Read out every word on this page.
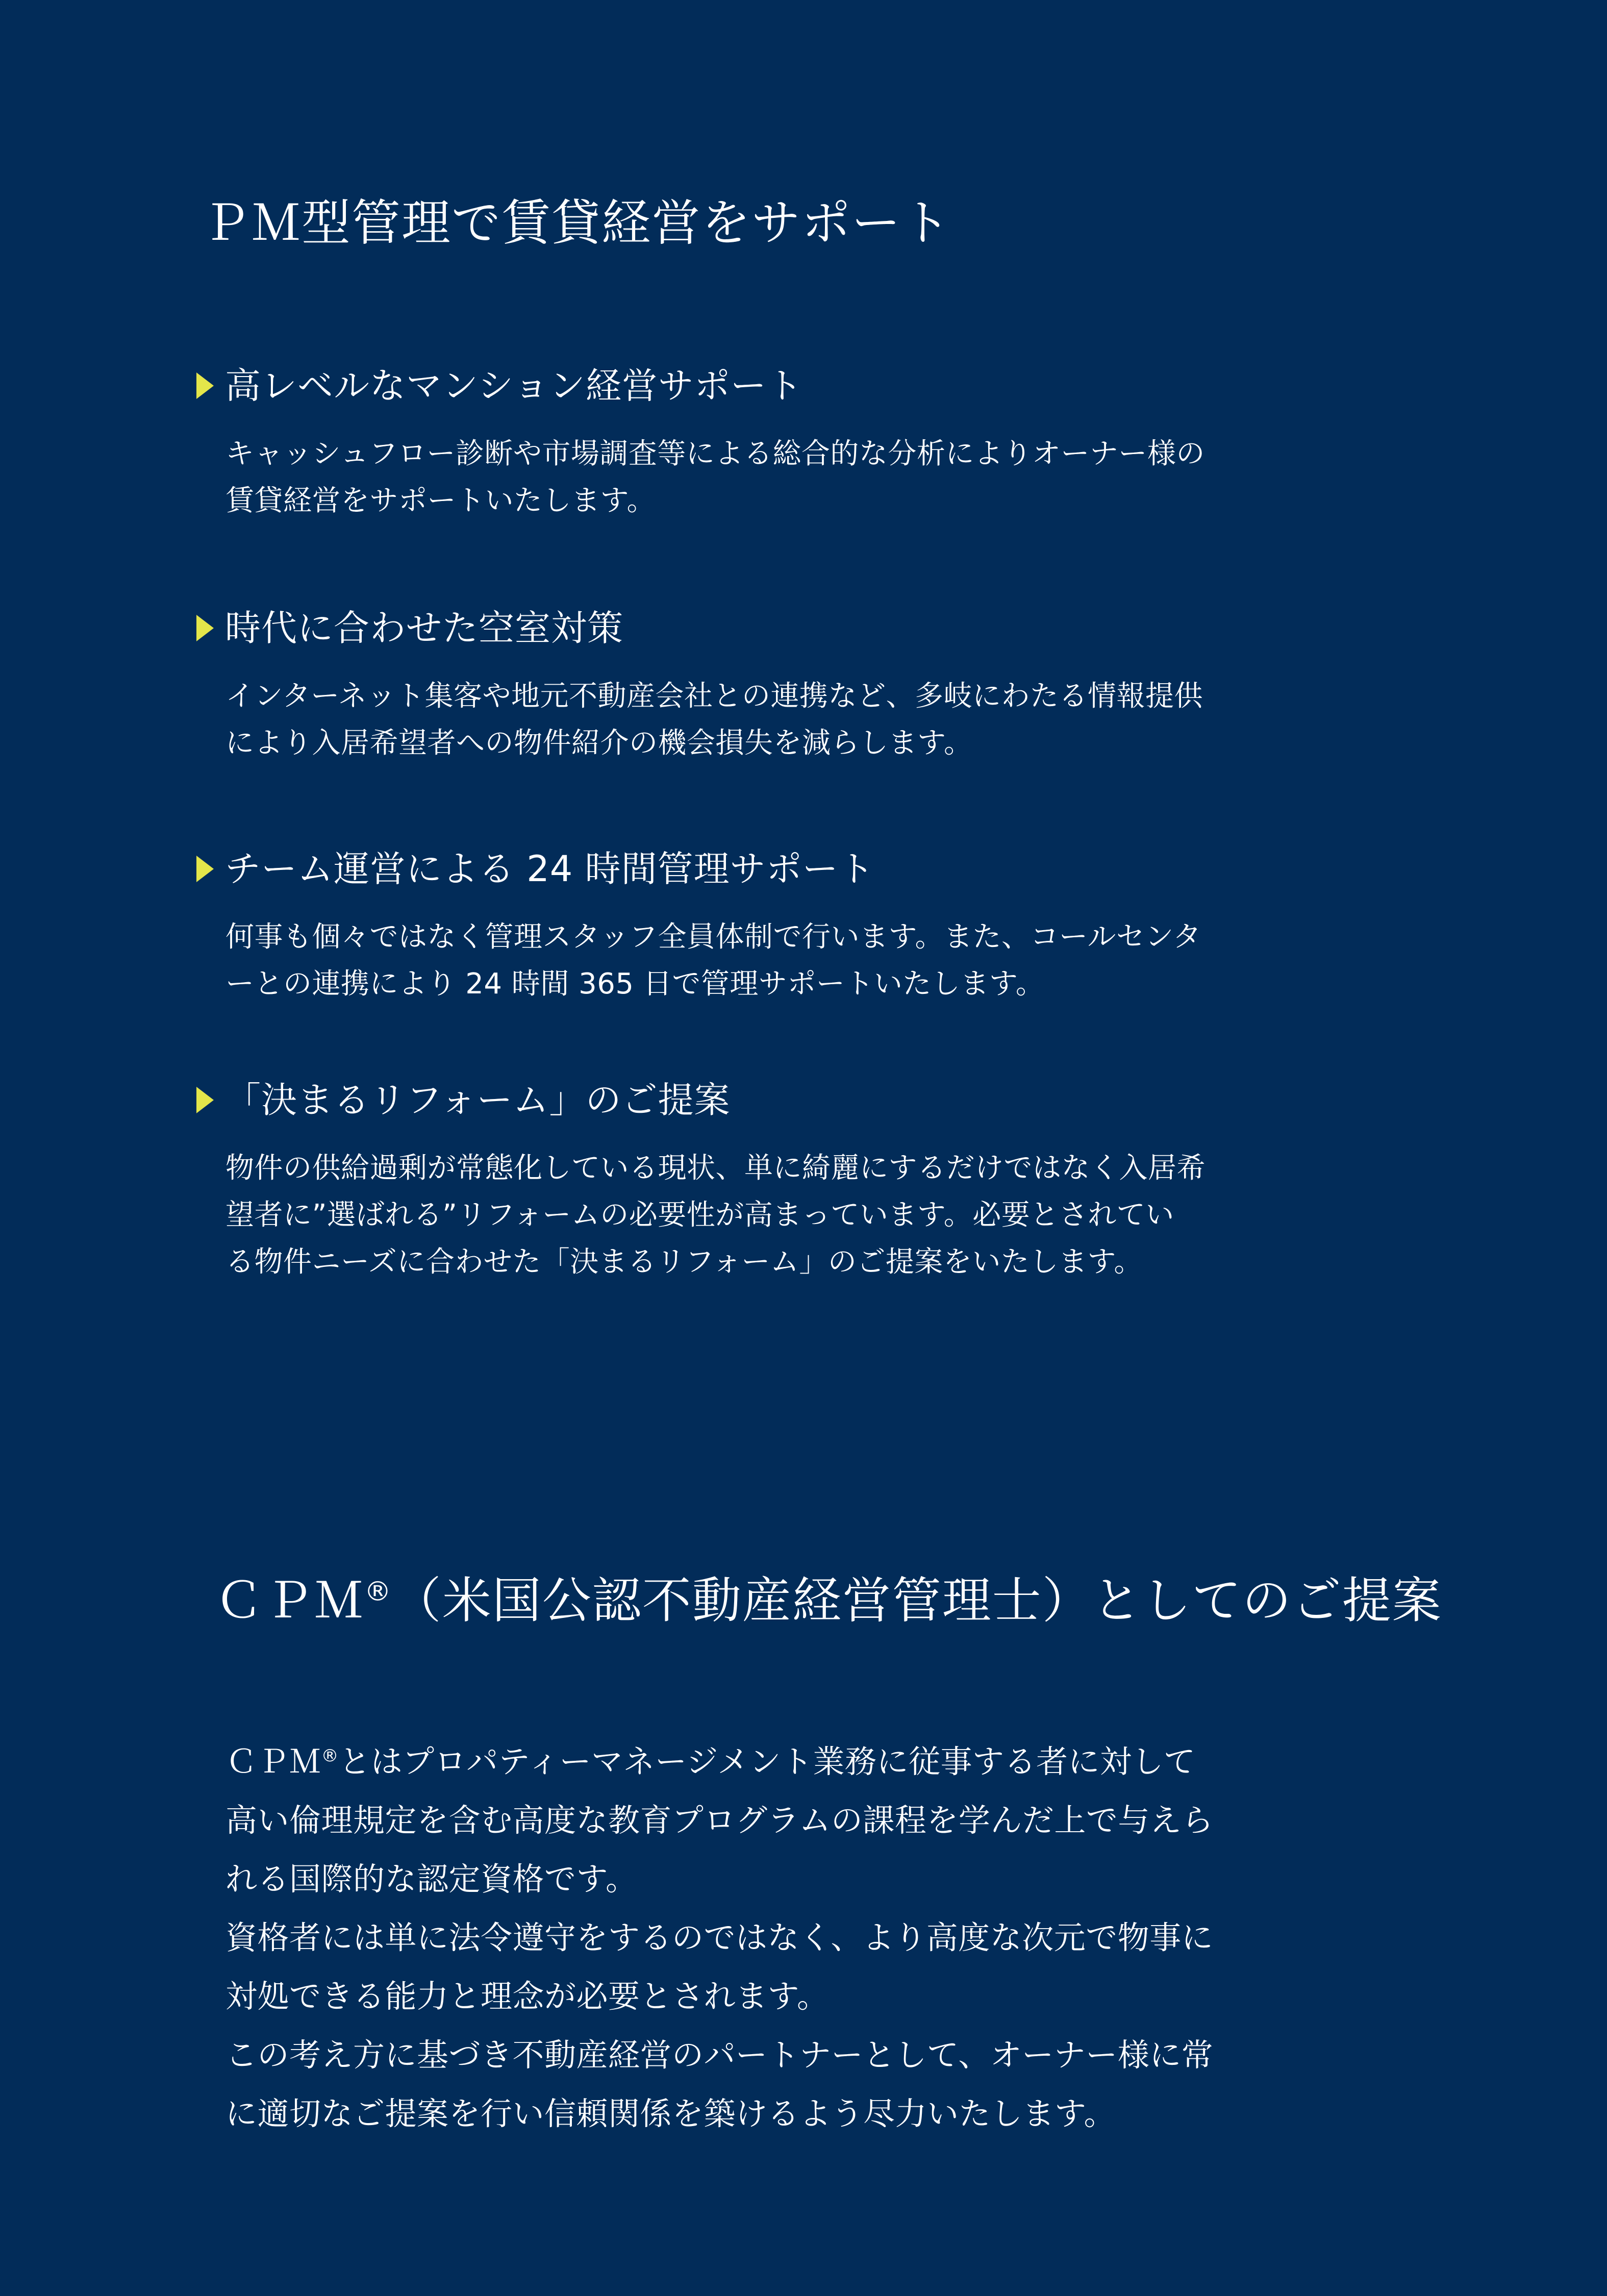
ＰＭ型管理で賃貸経営をサポート
高レベルなマンション経営サポート
キャッシュフロー診断や市場調査等による総合的な分析によりオーナー様の
賃貸経営をサポートいたします。
時代に合わせた空室対策
インターネット集客や地元不動産会社との連携など、多岐にわたる情報提供
により入居希望者への物件紹介の機会損失を減らします。
チーム運営による 24 時間管理サポート
何事も個々ではなく管理スタッフ全員体制で行います。また、コールセンタ
ーとの連携により 24 時間 365 日で管理サポートいたします。
「決まるリフォーム」のご提案
物件の供給過剰が常態化している現状、単に綺麗にするだけではなく入居希
望者に”選ばれる”リフォームの必要性が高まっています。必要とされてい
る物件ニーズに合わせた「決まるリフォーム」のご提案をいたします。
ＣＰＭ®（米国公認不動産経営管理士）としてのご提案
ＣＰＭ®とはプロパティーマネージメント業務に従事する者に対して
高い倫理規定を含む高度な教育プログラムの課程を学んだ上で与えら
れる国際的な認定資格です。
資格者には単に法令遵守をするのではなく、より高度な次元で物事に
対処できる能力と理念が必要とされます。
この考え方に基づき不動産経営のパートナーとして、オーナー様に常
に適切なご提案を行い信頼関係を築けるよう尽力いたします。
